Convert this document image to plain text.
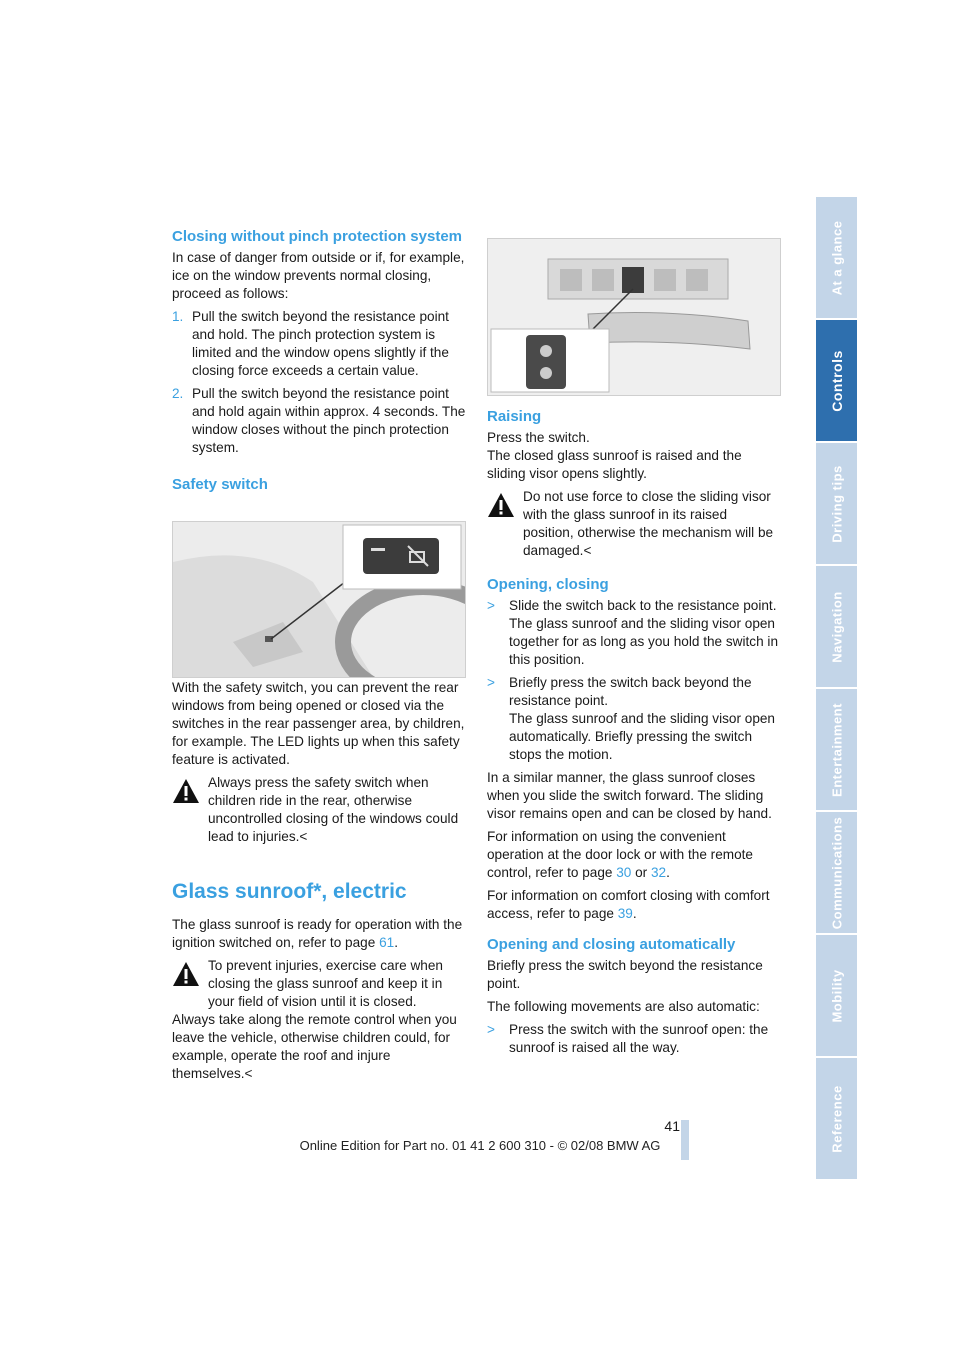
Closing without pinch protection system

In case of danger from outside or if, for example, ice on the window prevents normal closing, proceed as follows:

1. Pull the switch beyond the resistance point and hold. The pinch protection system is limited and the window opens slightly if the closing force exceeds a certain value.
2. Pull the switch beyond the resistance point and hold again within approx. 4 seconds. The window closes without the pinch protection system.
Safety switch

With the safety switch, you can prevent the rear windows from being opened or closed via the switches in the rear passenger area, by children, for example. The LED lights up when this safety feature is activated.

Always press the safety switch when children ride in the rear, otherwise uncontrolled closing of the windows could lead to injuries.<
Glass sunroof*, electric

The glass sunroof is ready for operation with the ignition switched on, refer to page 61.

To prevent injuries, exercise care when closing the glass sunroof and keep it in your field of vision until it is closed.
Always take along the remote control when you leave the vehicle, otherwise children could, for example, operate the roof and injure themselves.<
Raising

Press the switch.

The closed glass sunroof is raised and the sliding visor opens slightly.

Do not use force to close the sliding visor with the glass sunroof in its raised position, otherwise the mechanism will be damaged.<
Opening, closing
>	Slide the switch back to the resistance point.
The glass sunroof and the sliding visor open together for as long as you hold the switch in this position.
>	Briefly press the switch back beyond the resistance point.
The glass sunroof and the sliding visor open automatically. Briefly pressing the switch stops the motion.

In a similar manner, the glass sunroof closes when you slide the switch forward. The sliding visor remains open and can be closed by hand.

For information on using the convenient operation at the door lock or with the remote control, refer to page 30 or 32.

For information on comfort closing with comfort access, refer to page 39.

Opening and closing automatically

Briefly press the switch beyond the resistance point.

The following movements are also automatic:

>	Press the switch with the sunroof open: the sunroof is raised all the way.
At a glance
Controls
Driving tips
Navigation
Entertainment
Communications
Mobility
Reference
41
Online Edition for Part no. 01 41 2 600 310 - © 02/08 BMW AG
